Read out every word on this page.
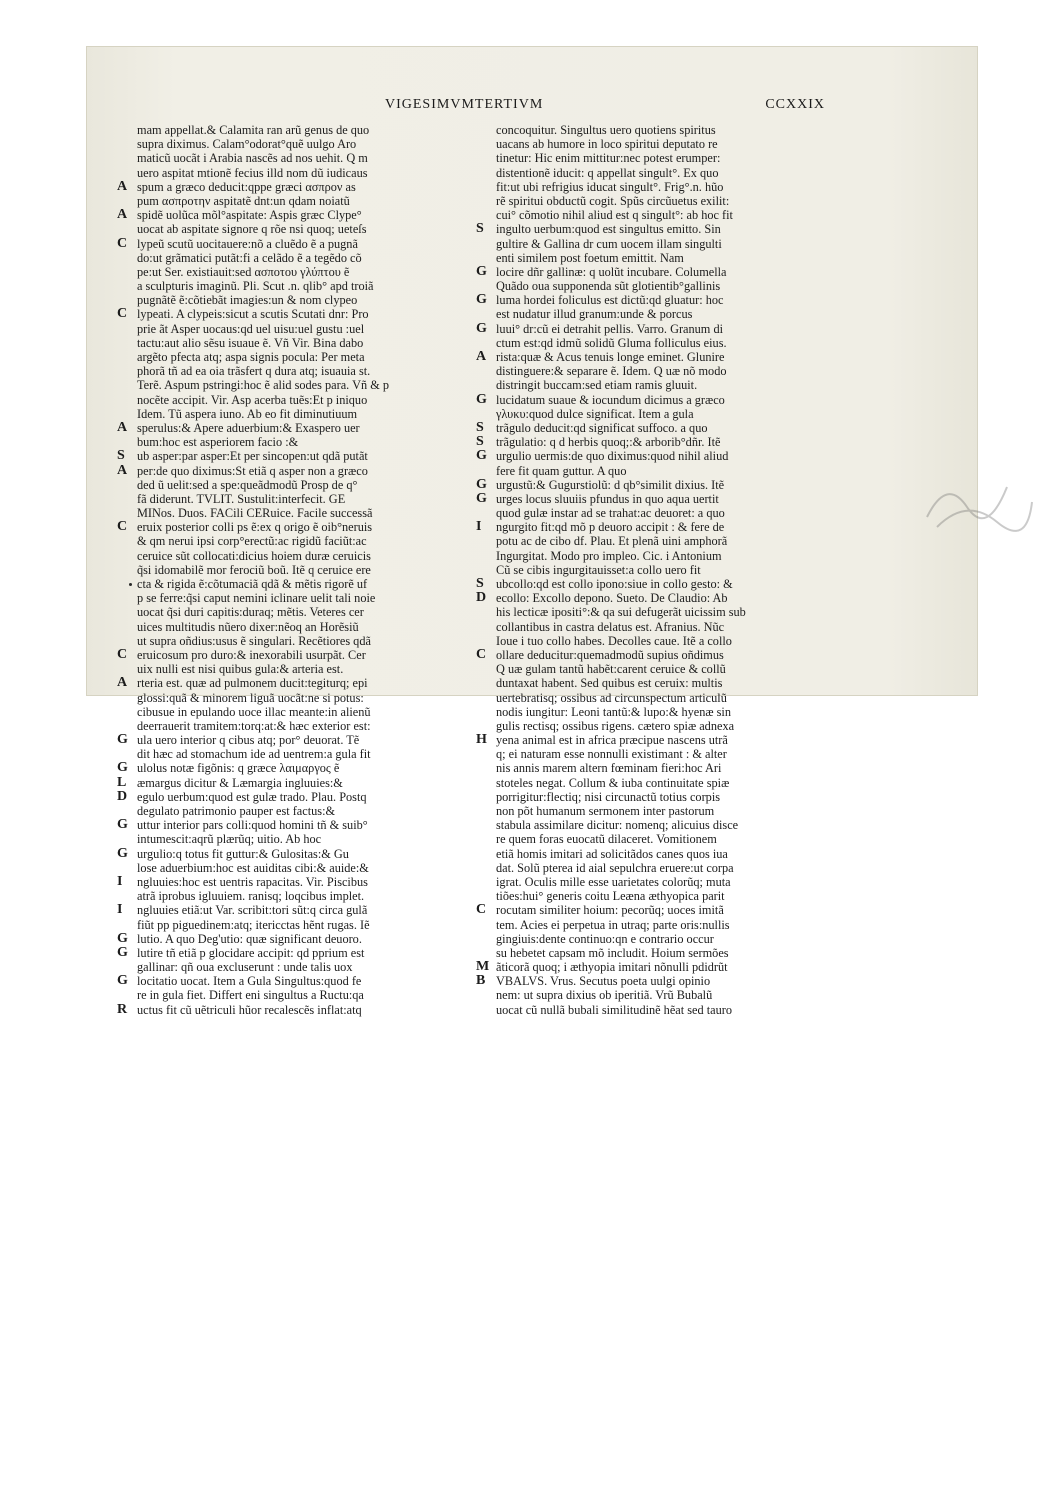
VIGESIMVMTERTIVM	CCXXIX
mam appellat.& Calamita ran arũ genus de quo
supra diximus. Calam°odorat°quẽ uulgo Aro
maticũ uocãt i Arabia nascẽs ad nos uehit. Q m
uero aspitat mtionẽ fecius illd nom dũ iudicaus
A spum a græco deducit:qppe græci ασπρον as
pum ασπροτην aspitatẽ dnt:un qdam noiatũ
A spidẽ uolũca mõl°aspitate: Aspis græc Clype°
uocat ab aspitate signore q rõe nsi quoq; ueteſs
C lypeũ scutũ uocitauere:nõ a cluẽdo ẽ a pugnã
do:ut grãmatici putãt:fi a celãdo ẽ a tegẽdo cõ
pe:ut Ser. existiauit:sed ασποτου γλύπτου ẽ
a sculpturis imaginũ. Pli. Scut .n. qlib° apd troiã
pugnãtẽ ẽ:cõtiebãt imagies:un & nom clypeo
C lypeati. A clypeis:sicut a scutis Scutati dnr: Pro
prie ãt Asper uocaus:qd uel uisu:uel gustu :uel
tactu:aut alio sẽsu isuaue ẽ. Vñ Vir. Bina dabo
argẽto pfecta atq; aspa signis pocula: Per meta
phorã tñ ad ea oia trãsfert q dura atq; isuauia st.
Terẽ. Aspum pstringi:hoc ẽ alid sodes para. Vñ & p
nocẽte accipit. Vir. Asp acerba tuẽs:Et p iniquo
Idem. Tũ aspera iuno. Ab eo fit diminutiuum
A sperulus:& Apere aduerbium:& Exaspero uer
bum:hoc est asperiorem facio :&
S ub asper:par asper:Et per sincopen:ut qdã putãt
A per:de quo diximus:St etiã q asper non a græco
ded ũ uelit:sed a spe:queãdmodũ Prosp de q°
fã diderunt. TVLIT. Sustulit:interfecit. GE
MINos. Duos. FACili CERuice. Facile successã
C eruix posterior colli ps ẽ:ex q origo ẽ oib°neruis
& qm nerui ipsi corp°erectũ:ac rigidũ faciũt:ac
ceruice sũt collocati:dicius hoiem duræ ceruicis
q̃si idomabilẽ mor ferociũ boũ. Itẽ q ceruice ere
cta & rigida ẽ:cõtumaciã qdã & mẽtis rigorẽ uf
p se ferre:q̃si caput nemini iclinare uelit tali noie
uocat q̃si duri capitis:duraq; mẽtis. Veteres cer
uices multitudis nũero dixer:nẽoq an Horẽsiũ
ut supra oñdius:usus ẽ singulari. Recẽtiores qdã
C eruicosum pro duro:& inexorabili usurpãt. Cer
uix nulli est nisi quibus gula:& arteria est.
A rteria est. quæ ad pulmonem ducit:tegiturq; epi
glossi:quã & minorem liguã uocãt:ne si potus:
cibusue in epulando uoce illac meante:in alienũ
deerrauerit tramitem:torq:at:& hæc exterior est:
G ula uero interior q cibus atq; por° deuorat. Tẽ
dit hæc ad stomachum ide ad uentrem:a gula fit
G ulolus notæ figõnis: q græce λαιμαργος ẽ
L æmargus dicitur & Læmargia ingluuies:&
D egulo uerbum:quod est gulæ trado. Plau. Postq
degulato patrimonio pauper est factus:&
G uttur interior pars colli:quod homini tñ & suib°
intumescit:aqrũ plærũq; uitio. Ab hoc
G urgulio:q totus fit guttur:& Gulositas:& Gu
lose aduerbium:hoc est auiditas cibi:& auide:&
I	ngluuies:hoc est uentris rapacitas. Vir. Piscibus
atrã iprobus igluuiem. ranisq; loqcibus implet.
I	ngluuies etiã:ut Var. scribit:tori sũt:q circa gulã
fiũt pp piguedinem:atq; itericctas hẽnt rugas. Iẽ
G lutio. A quo Deg'utio: quæ significant deuoro.
G lutire tñ etiã p glocidare accipit: qd pprium est
gallinar: qñ oua excluserunt : unde talis uox
G locitatio uocat. Item a Gula Singultus:quod fe
re in gula fiet. Differt eni singultus a Ructu:qa
R uctus fit cũ uẽtriculi hũor recalescẽs inflat:atq
concoquitur. Singultus uero quotiens spiritus
uacans ab humore in loco spiritui deputato re
tinetur: Hic enim mittitur:nec potest erumper:
distentionẽ iducit: q appellat singult°. Ex quo
fit:ut ubi refrigius iducat singult°. Frig°.n. hũo
rẽ spiritui obductũ cogit. Spũs circũuetus exilit:
cui° cõmotio nihil aliud est q singult°: ab hoc fit
S ingulto uerbum:quod est singultus emitto. Sin
gultire & Gallina dr cum uocem illam singulti
enti similem post foetum emittit. Nam
G locire dñr gallinæ: q uolũt incubare. Columella
Quãdo oua supponenda sũt glotientib°gallinis
G luma hordei foliculus est dictũ:qd gluatur: hoc
est nudatur illud granum:unde & porcus
G luui° dr:cũ ei detrahit pellis. Varro. Granum di
ctum est:qd idmũ solidũ Gluma folliculus eius.
A rista:quæ & Acus tenuis longe eminet. Glunire
distinguere:& separare ẽ. Idem. Q uæ nõ modo
distringit buccam:sed etiam ramis gluuit.
G lucidatum suaue & iocundum dicimus a græco
γλυκυ:quod dulce significat. Item a gula
S trãgulo deducit:qd significat suffoco. a quo
S trãgulatio: q d herbis quoq;:& arborib°dñr. Itẽ
G urgulio uermis:de quo diximus:quod nihil aliud
fere fit quam guttur. A quo
G urgustũ:& Gugurstiolũ: d qb°similit dixius. Itẽ
G urges locus sluuiis pfundus in quo aqua uertit
quod gulæ instar ad se trahat:ac deuoret: a quo
I	ngurgito fit:qd mõ p deuoro accipit : & fere de
potu ac de cibo df. Plau. Et plenã uini amphorã
Ingurgitat. Modo pro impleo. Cic. i Antonium
Cũ se cibis ingurgitauisset:a collo uero fit
S ubcollo:qd est collo ipono:siue in collo gesto: &
D ecollo: Excollo depono. Sueto. De Claudio: Ab
his lecticæ ipositi°:& qa sui defugerãt uicissim sub
collantibus in castra delatus est. Afranius. Nũc
Ioue i tuo collo habes. Decolles caue. Itẽ a collo
C ollare deducitur:quemadmodũ supius oñdimus
Q uæ gulam tantũ habẽt:carent ceruice & collũ
duntaxat habent. Sed quibus est ceruix: multis
uertebratisq; ossibus ad circunspectum articulũ
nodis iungitur: Leoni tantũ:& lupo:& hyenæ sin
gulis rectisq; ossibus rigens. cætero spiæ adnexa
H yena animal est in africa præcipue nascens utrã
q; ei naturam esse nonnulli existimant : & alter
nis annis marem altern fœminam fieri:hoc Ari
stoteles negat. Collum & iuba continuitate spiæ
porrigitur:flectiq; nisi circunactũ totius corpis
non põt humanum sermonem inter pastorum
stabula assimilare dicitur: nomenq; alicuius disce
re quem foras euocatũ dilaceret. Vomitionem
etiã homis imitari ad solicitãdos canes quos iua
dat. Solũ pterea id aial sepulchra eruere:ut corpa
igrat. Oculis mille esse uarietates colorũq; muta
tiões:hui° generis coitu Leæna æthyopica parit
C rocutam similiter hoium: pecorũq; uoces imitã
tem. Acies ei perpetua in utraq; parte oris:nullis
gingiuis:dente continuo:qn e contrario occur
su hebetet capsam mõ includit. Hoium sermões
M ãticorã quoq; i æthyopia imitari nõnulli pdidrũt
B VBALVS. Vrus. Secutus poeta uulgi opinio
nem: ut supra dixius ob iperitiã. Vrũ Bubalũ
uocat cũ nullã bubali similitudinẽ hẽat sed tauro
